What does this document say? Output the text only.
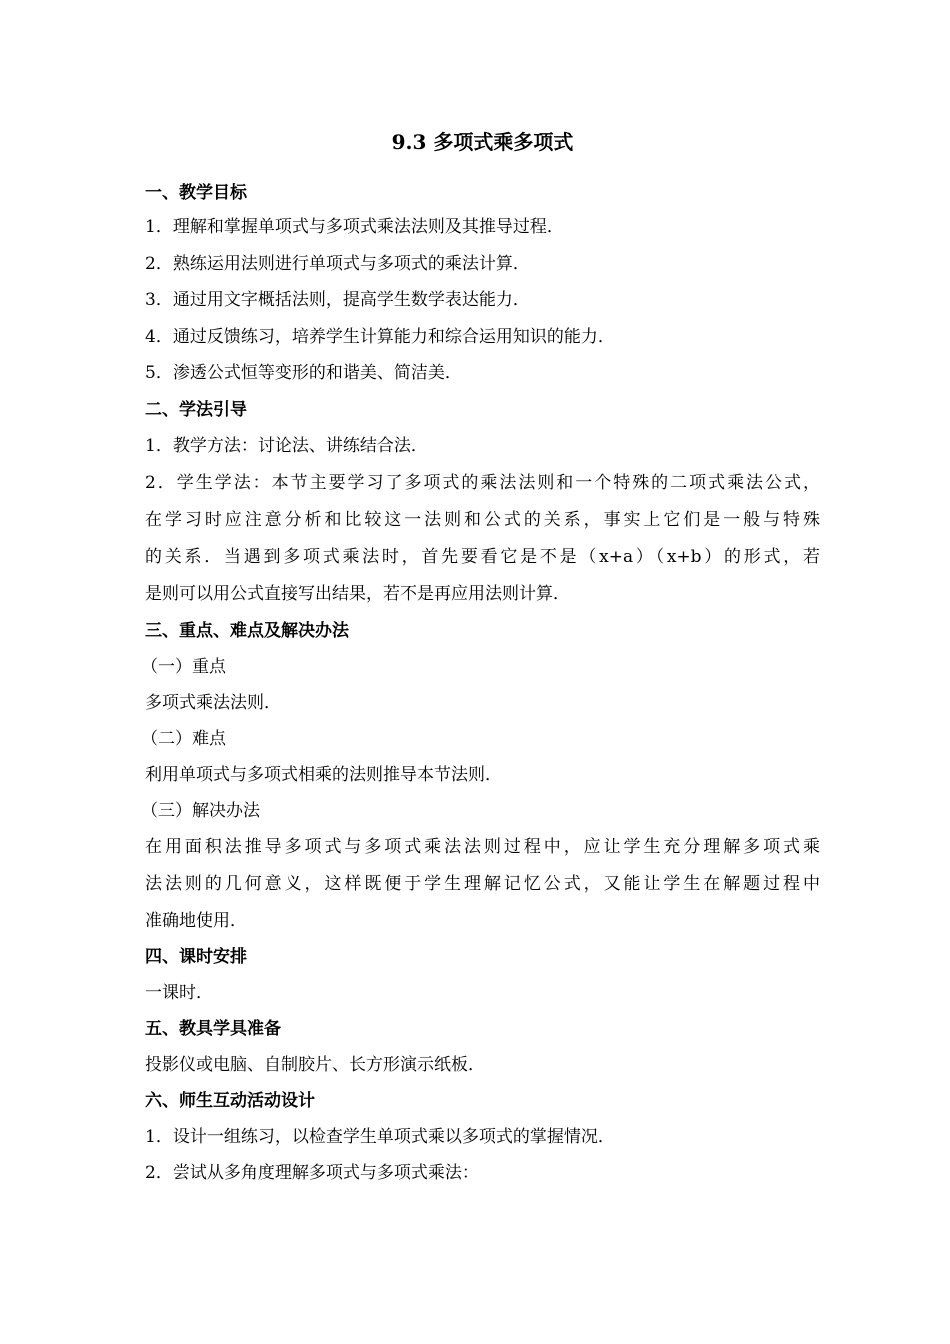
9.3 多项式乘多项式

一、教学目标

1．理解和掌握单项式与多项式乘法法则及其推导过程．

2．熟练运用法则进行单项式与多项式的乘法计算．

3．通过用文字概括法则，提高学生数学表达能力．

4．通过反馈练习，培养学生计算能力和综合运用知识的能力．

5．渗透公式恒等变形的和谐美、简洁美．

二、学法引导

1．教学方法：讨论法、讲练结合法．

2．学生学法：本节主要学习了多项式的乘法法则和一个特殊的二项式乘法公式，

在学习时应注意分析和比较这一法则和公式的关系，事实上它们是一般与特殊

的关系．当遇到多项式乘法时，首先要看它是不是（x+a）（x+b）的形式，若

是则可以用公式直接写出结果，若不是再应用法则计算．

三、重点、难点及解决办法

（一）重点

多项式乘法法则．

（二）难点

利用单项式与多项式相乘的法则推导本节法则．

（三）解决办法

在用面积法推导多项式与多项式乘法法则过程中，应让学生充分理解多项式乘

法法则的几何意义，这样既便于学生理解记忆公式，又能让学生在解题过程中

准确地使用．

四、课时安排

一课时．

五、教具学具准备

投影仪或电脑、自制胶片、长方形演示纸板．

六、师生互动活动设计

1．设计一组练习，以检查学生单项式乘以多项式的掌握情况．

2．尝试从多角度理解多项式与多项式乘法：
